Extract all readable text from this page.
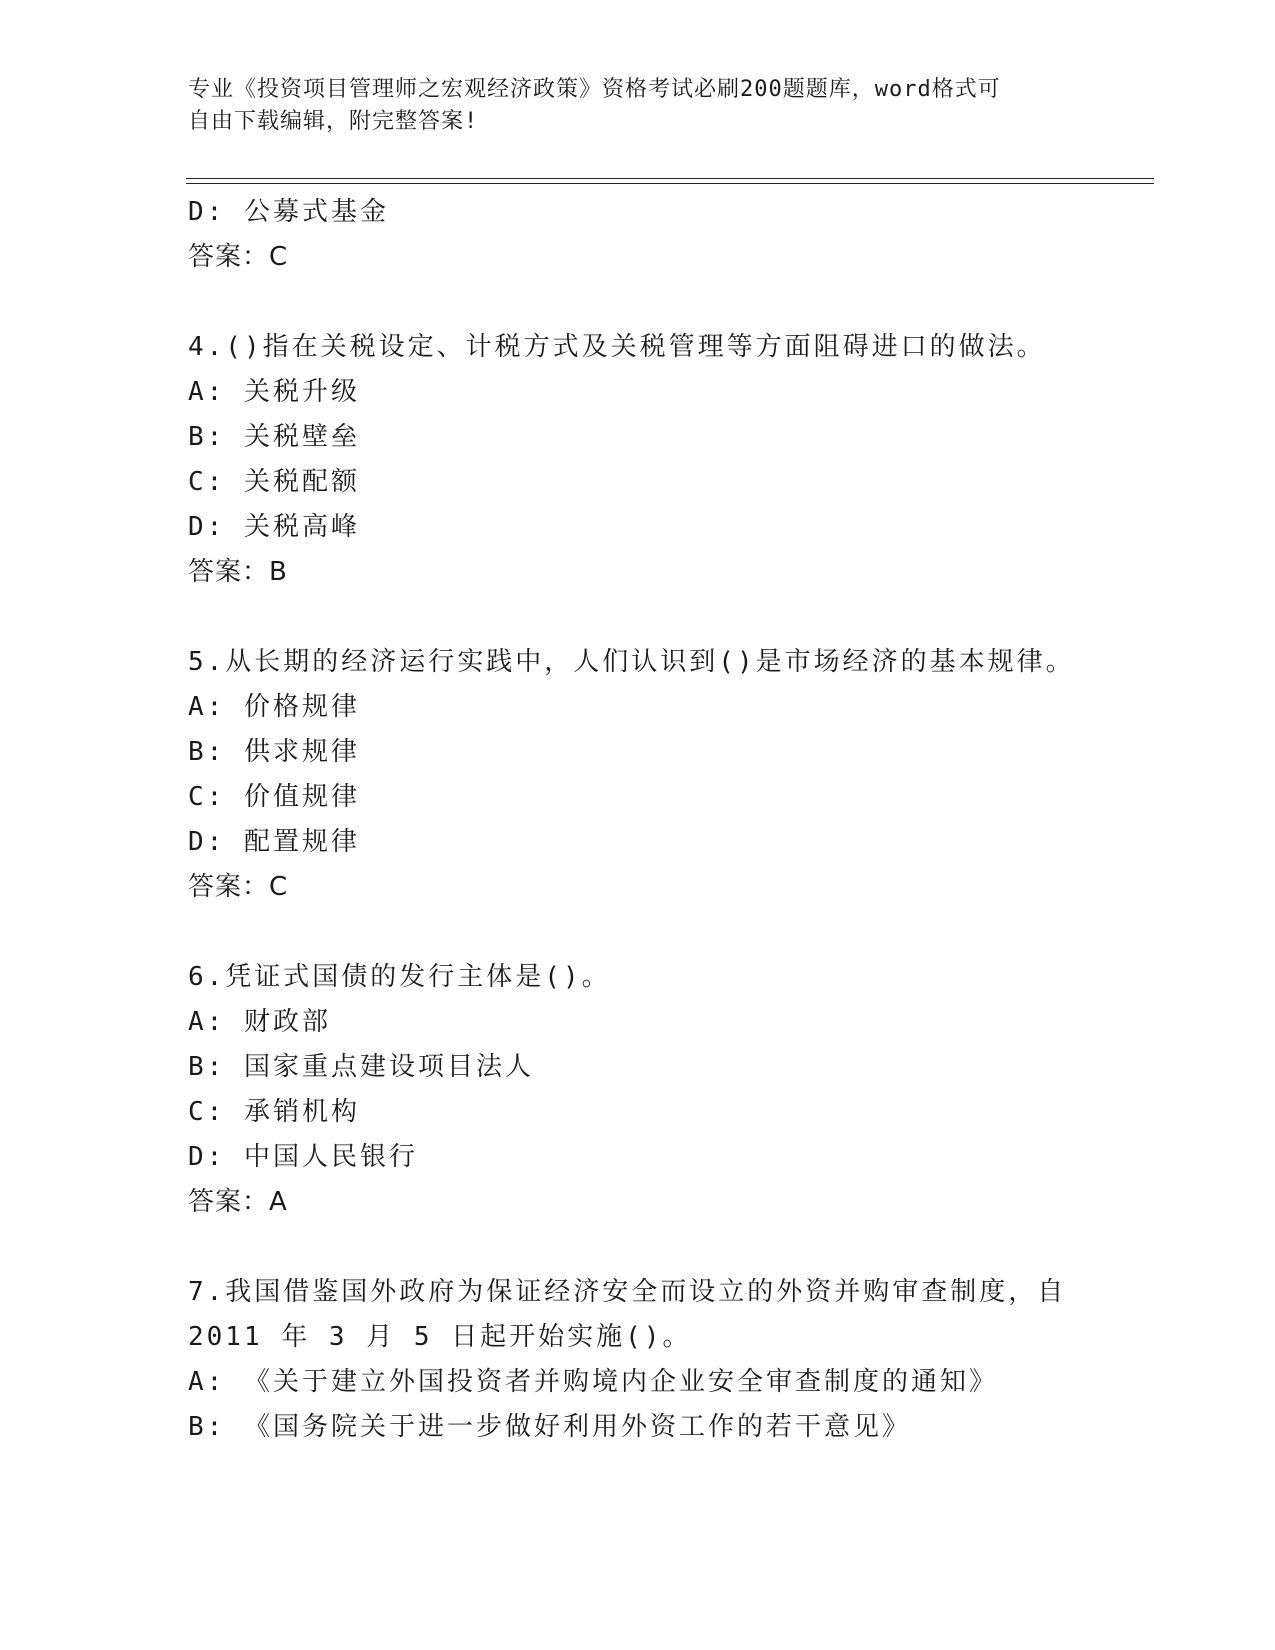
专业《投资项目管理师之宏观经济政策》资格考试必刷200题题库，word格式可
自由下载编辑，附完整答案!
D: 公募式基金
答案：C
4.()指在关税设定、计税方式及关税管理等方面阻碍进口的做法。
A: 关税升级
B: 关税壁垒
C: 关税配额
D: 关税高峰
答案：B
5.从长期的经济运行实践中，人们认识到()是市场经济的基本规律。
A: 价格规律
B: 供求规律
C: 价值规律
D: 配置规律
答案：C
6.凭证式国债的发行主体是()。
A: 财政部
B: 国家重点建设项目法人
C: 承销机构
D: 中国人民银行
答案：A
7.我国借鉴国外政府为保证经济安全而设立的外资并购审查制度，自
2011 年 3 月 5 日起开始实施()。
A: 《关于建立外国投资者并购境内企业安全审查制度的通知》
B: 《国务院关于进一步做好利用外资工作的若干意见》
